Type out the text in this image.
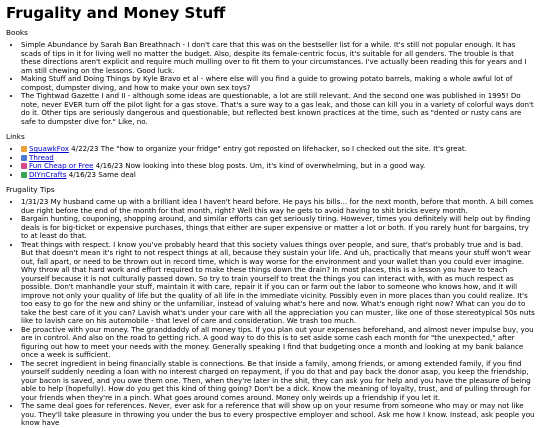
Frugality and Money Stuff
Books
• Simple Abundance by Sarah Ban Breathnach - I don't care that this was on the bestseller list for a while. It's still not popular enough. It has scads of tips in it for living well no matter the budget. Also, despite its female-centric focus, it's suitable for all genders. The trouble is that these directions aren't explicit and require much mulling over to fit them to your circumstances. I've actually been reading this for years and I am still chewing on the lessons. Good luck.
• Making Stuff and Doing Things by Kyle Bravo et al - where else will you find a guide to growing potato barrels, making a whole awful lot of compost, dumpster diving, and how to make your own sex toys?
• The Tightwad Gazette I and II - although some ideas are questionable, a lot are still relevant. And the second one was published in 1995! Do note, never EVER turn off the pilot light for a gas stove. That's a sure way to a gas leak, and those can kill you in a variety of colorful ways don't do it. Other tips are seriously dangerous and questionable, but reflected best known practices at the time, such as "dented or rusty cans are safe to dumpster dive for." Like, no.
Links
• SquawkFox 4/22/23 The "how to organize your fridge" entry got reposted on lifehacker, so I checked out the site. It's great.
• Thread
• Fun Cheap or Free 4/16/23 Now looking into these blog posts. Um, it's kind of overwhelming, but in a good way.
• DIYnCrafts 4/16/23 Same deal
Frugality Tips
• 1/31/23 My husband came up with a brilliant idea I haven't heard before. He pays his bills... for the next month, before that month. A bill comes due right before the end of the month for that month, right? Well this way he gets to avoid having to shit bricks every month.
• Bargain hunting, couponing, shopping around, and similar efforts can get seriously tiring. However, times you definitely will help out by finding deals is for big-ticket or expensive purchases, things that either are super expensive or matter a lot or both. If you rarely hunt for bargains, try to at least do that.
• Treat things with respect. I know you've probably heard that this society values things over people, and sure, that's probably true and is bad. But that doesn't mean it's right to not respect things at all, because they sustain your life. And uh, practically that means your stuff won't wear out, fall apart, or need to be thrown out in record time, which is way worse for the environment and your wallet than you could ever imagine. Why throw all that hard work and effort required to make these things down the drain? In most places, this is a lesson you have to teach yourself because it is not culturally passed down. So try to train yourself to treat the things you can interact with, with as much respect as possible. Don't manhandle your stuff, maintain it with care, repair it if you can or farm out the labor to someone who knows how, and it will improve not only your quality of life but the quality of all life in the immediate vicinity. Possibly even in more places than you could realize. It's too easy to go for the new and shiny or the unfamiliar, instead of valuing what's here and now. What's enough right now? What can you do to take the best care of it you can? Lavish what's under your care with all the appreciation you can muster, like one of those stereotypical 50s nuts like to lavish care on his automobile - that level of care and consideration. We trash too much.
• Be proactive with your money. The granddaddy of all money tips. If you plan out your expenses beforehand, and almost never impulse buy, you are in control. And also on the road to getting rich. A good way to do this is to set aside some cash each month for "the unexpected," after figuring out how to meet your needs with the money. Generally speaking I find that budgeting once a month and looking at my bank balance once a week is sufficient.
• The secret ingredient in being financially stable is connections. Be that inside a family, among friends, or among extended family, if you find yourself suddenly needing a loan with no interest charged on repayment, if you do that and pay back the donor asap, you keep the friendship, your bacon is saved, and you owe them one. Then, when they're later in the shit, they can ask you for help and you have the pleasure of being able to help (hopefully). How do you get this kind of thing going? Don't be a dick. Know the meaning of loyalty, trust, and of pulling through for your friends when they're in a pinch. What goes around comes around. Money only weirds up a friendship if you let it.
• The same deal goes for references. Never, ever ask for a reference that will show up on your resume from someone who may or may not like you. They'll take pleasure in throwing you under the bus to every prospective employer and school. Ask me how I know. Instead, ask people you know have
